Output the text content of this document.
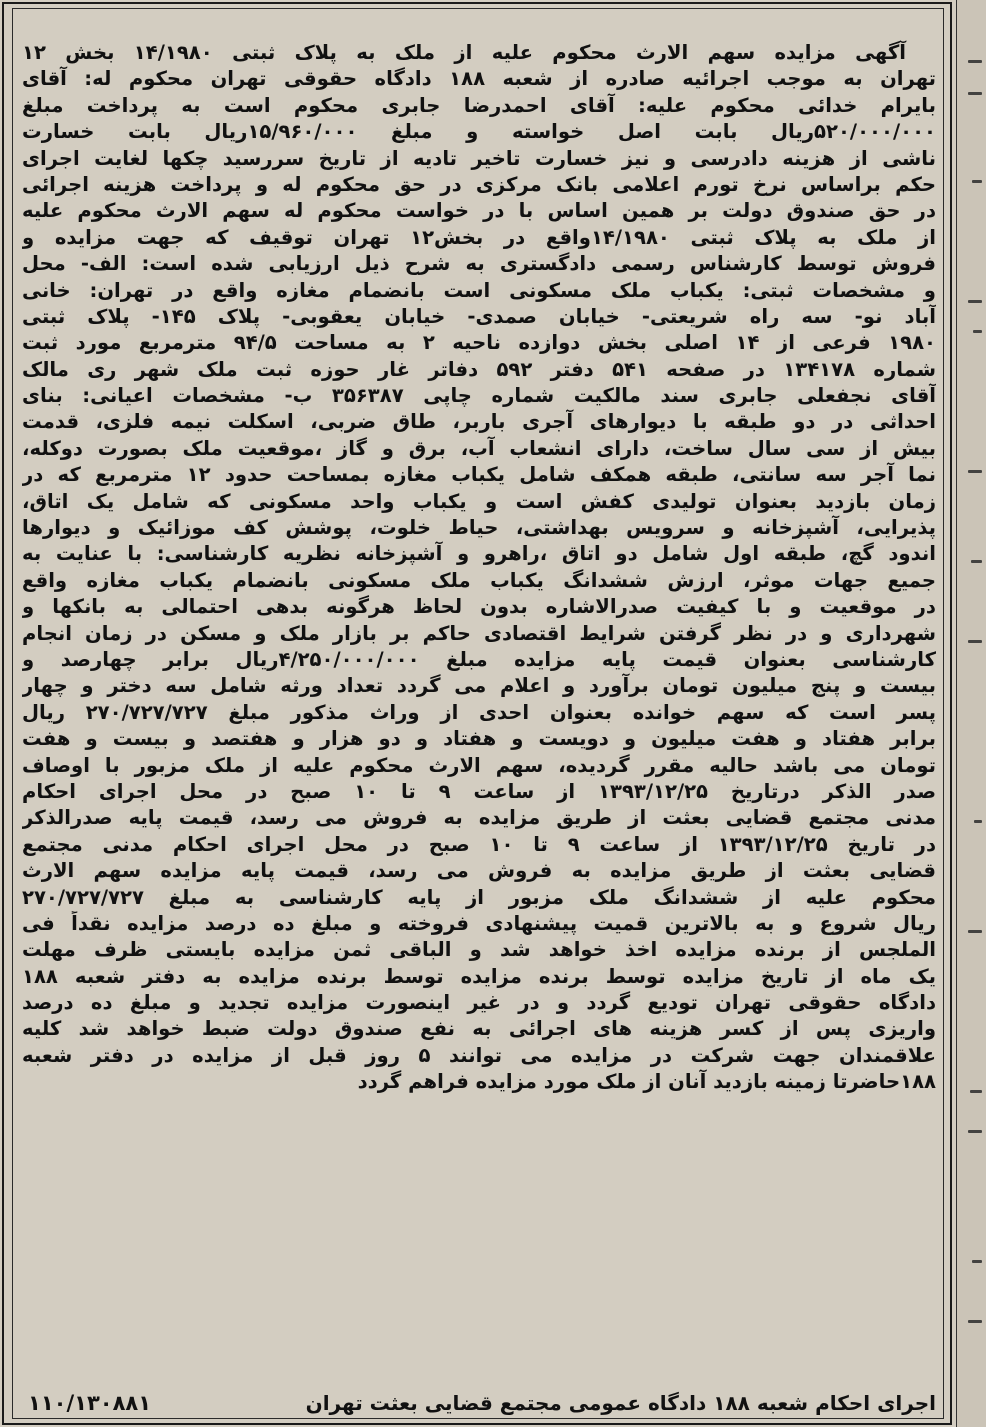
آگهی مزایده سهم الارث محکوم علیه از ملک به پلاک ثبتی ۱۴/۱۹۸۰ بخش ۱۲
تهران به موجب اجرائیه صادره از شعبه ۱۸۸ دادگاه حقوقی تهران محکوم له: آقای
بایرام خدائی محکوم علیه: آقای احمدرضا جابری محکوم است به پرداخت مبلغ
۵۲۰/۰۰۰/۰۰۰ریال بابت اصل خواسته و مبلغ ۱۵/۹۶۰/۰۰۰ریال بابت خسارت
ناشی از هزینه دادرسی و نیز خسارت تاخیر تادیه از تاریخ سررسید چکها لغایت اجرای
حکم براساس نرخ تورم اعلامی بانک مرکزی در حق محکوم له و پرداخت هزینه اجرائی
در حق صندوق دولت بر همین اساس با در خواست محکوم له سهم الارث محکوم علیه
از ملک به پلاک ثبتی ۱۴/۱۹۸۰واقع در بخش۱۲ تهران توقیف که جهت مزایده و
فروش توسط کارشناس رسمی دادگستری به شرح ذیل ارزیابی شده است: الف- محل
و مشخصات ثبتی: یکباب ملک مسکونی است بانضمام مغازه واقع در تهران: خانی
آباد نو- سه راه شریعتی- خیابان صمدی- خیابان یعقوبی- پلاک ۱۴۵- پلاک ثبتی
۱۹۸۰ فرعی از ۱۴ اصلی بخش دوازده ناحیه ۲ به مساحت ۹۴/۵ مترمربع مورد ثبت
شماره ۱۳۴۱۷۸ در صفحه ۵۴۱ دفتر ۵۹۲ دفاتر غار حوزه ثبت ملک شهر ری مالک
آقای نجفعلی جابری سند مالکیت شماره چاپی ۳۵۶۳۸۷ ب- مشخصات اعیانی: بنای
احداثی در دو طبقه با دیوارهای آجری باربر، طاق ضربی، اسکلت نیمه فلزی، قدمت
بیش از سی سال ساخت، دارای انشعاب آب، برق و گاز ،موقعیت ملک بصورت دوکله،
نما آجر سه سانتی، طبقه همکف شامل یکباب مغازه بمساحت حدود ۱۲ مترمربع که در
زمان بازدید بعنوان تولیدی کفش است و یکباب واحد مسکونی که شامل یک اتاق،
پذیرایی، آشپزخانه و سرویس بهداشتی، حیاط خلوت، پوشش کف موزائیک و دیوارها
اندود گچ، طبقه اول شامل دو اتاق ،راهرو و آشپزخانه نظریه کارشناسی: با عنایت به
جمیع جهات موثر، ارزش ششدانگ یکباب ملک مسکونی بانضمام یکباب مغازه واقع
در موقعیت و با کیفیت صدرالاشاره بدون لحاظ هرگونه بدهی احتمالی به بانکها و
شهرداری و در نظر گرفتن شرایط اقتصادی حاکم بر بازار ملک و مسکن در زمان انجام
کارشناسی بعنوان قیمت پایه مزایده مبلغ ۴/۲۵۰/۰۰۰/۰۰۰ریال برابر چهارصد و
بیست و پنج میلیون تومان برآورد و اعلام می گردد تعداد ورثه شامل سه دختر و چهار
پسر است که سهم خوانده بعنوان احدی از وراث مذکور مبلغ ۲۷۰/۷۲۷/۷۲۷ ریال
برابر هفتاد و هفت میلیون و دویست و هفتاد و دو هزار و هفتصد و بیست و هفت
تومان می باشد حالیه مقرر گردیده، سهم الارث محکوم علیه از ملک مزبور با اوصاف
صدر الذکر درتاریخ ۱۳۹۳/۱۲/۲۵ از ساعت ۹ تا ۱۰ صبح در محل اجرای احکام
مدنی مجتمع قضایی بعثت از طریق مزایده به فروش می رسد، قیمت پایه صدرالذکر
در تاریخ ۱۳۹۳/۱۲/۲۵ از ساعت ۹ تا ۱۰ صبح در محل اجرای احکام مدنی مجتمع
قضایی بعثت از طریق مزایده به فروش می رسد، قیمت پایه مزایده سهم الارث
محکوم علیه از ششدانگ ملک مزبور از پایه کارشناسی به مبلغ ۲۷۰/۷۲۷/۷۲۷
ریال شروع و به بالاترین قمیت پیشنهادی فروخته و مبلغ ده درصد مزایده نقداً فی
الملجس از برنده مزایده اخذ خواهد شد و الباقی ثمن مزایده بایستی ظرف مهلت
یک ماه از تاریخ مزایده توسط برنده مزایده توسط برنده مزایده به دفتر شعبه ۱۸۸
دادگاه حقوقی تهران تودیع گردد و در غیر اینصورت مزایده تجدید و مبلغ ده درصد
واریزی پس از کسر هزینه های اجرائی به نفع صندوق دولت ضبط خواهد شد کلیه
علاقمندان جهت شرکت در مزایده می توانند ۵ روز قبل از مزایده در دفتر شعبه
۱۸۸حاضرتا زمینه بازدید آنان از ملک مورد مزایده فراهم گردد
اجرای احکام شعبه ۱۸۸ دادگاه عمومی مجتمع قضایی بعثت تهران
۱۱۰/۱۳۰۸۸۱
